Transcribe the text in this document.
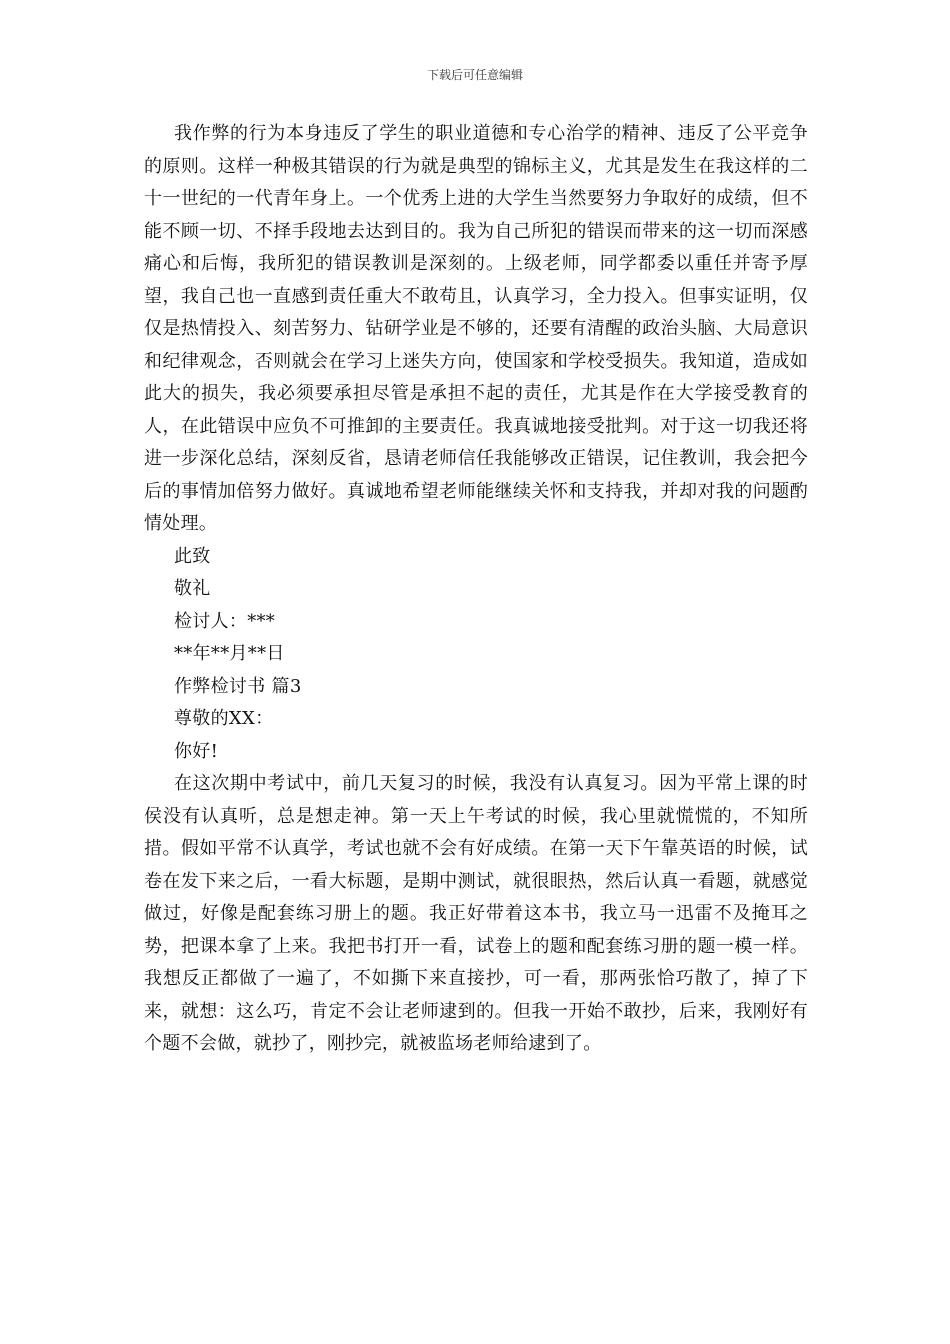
下载后可任意编辑

我作弊的行为本身违反了学生的职业道德和专心治学的精神、违反了公平竞争的原则。这样一种极其错误的行为就是典型的锦标主义，尤其是发生在我这样的二十一世纪的一代青年身上。一个优秀上进的大学生当然要努力争取好的成绩，但不能不顾一切、不择手段地去达到目的。我为自己所犯的错误而带来的这一切而深感痛心和后悔，我所犯的错误教训是深刻的。上级老师，同学都委以重任并寄予厚望，我自己也一直感到责任重大不敢苟且，认真学习，全力投入。但事实证明，仅仅是热情投入、刻苦努力、钻研学业是不够的，还要有清醒的政治头脑、大局意识和纪律观念，否则就会在学习上迷失方向，使国家和学校受损失。我知道，造成如此大的损失，我必须要承担尽管是承担不起的责任，尤其是作在大学接受教育的人，在此错误中应负不可推卸的主要责任。我真诚地接受批判。对于这一切我还将进一步深化总结，深刻反省，恳请老师信任我能够改正错误，记住教训，我会把今后的事情加倍努力做好。真诚地希望老师能继续关怀和支持我，并却对我的问题酌情处理。

此致

敬礼

检讨人：***

**年**月**日

作弊检讨书 篇3

尊敬的XX：

你好!

在这次期中考试中，前几天复习的时候，我没有认真复习。因为平常上课的时侯没有认真听，总是想走神。第一天上午考试的时候，我心里就慌慌的，不知所措。假如平常不认真学，考试也就不会有好成绩。在第一天下午靠英语的时候，试卷在发下来之后，一看大标题，是期中测试，就很眼热，然后认真一看题，就感觉做过，好像是配套练习册上的题。我正好带着这本书，我立马一迅雷不及掩耳之势，把课本拿了上来。我把书打开一看，试卷上的题和配套练习册的题一模一样。我想反正都做了一遍了，不如撕下来直接抄，可一看，那两张恰巧散了，掉了下来，就想：这么巧，肯定不会让老师逮到的。但我一开始不敢抄，后来，我刚好有个题不会做，就抄了，刚抄完，就被监场老师给逮到了。
